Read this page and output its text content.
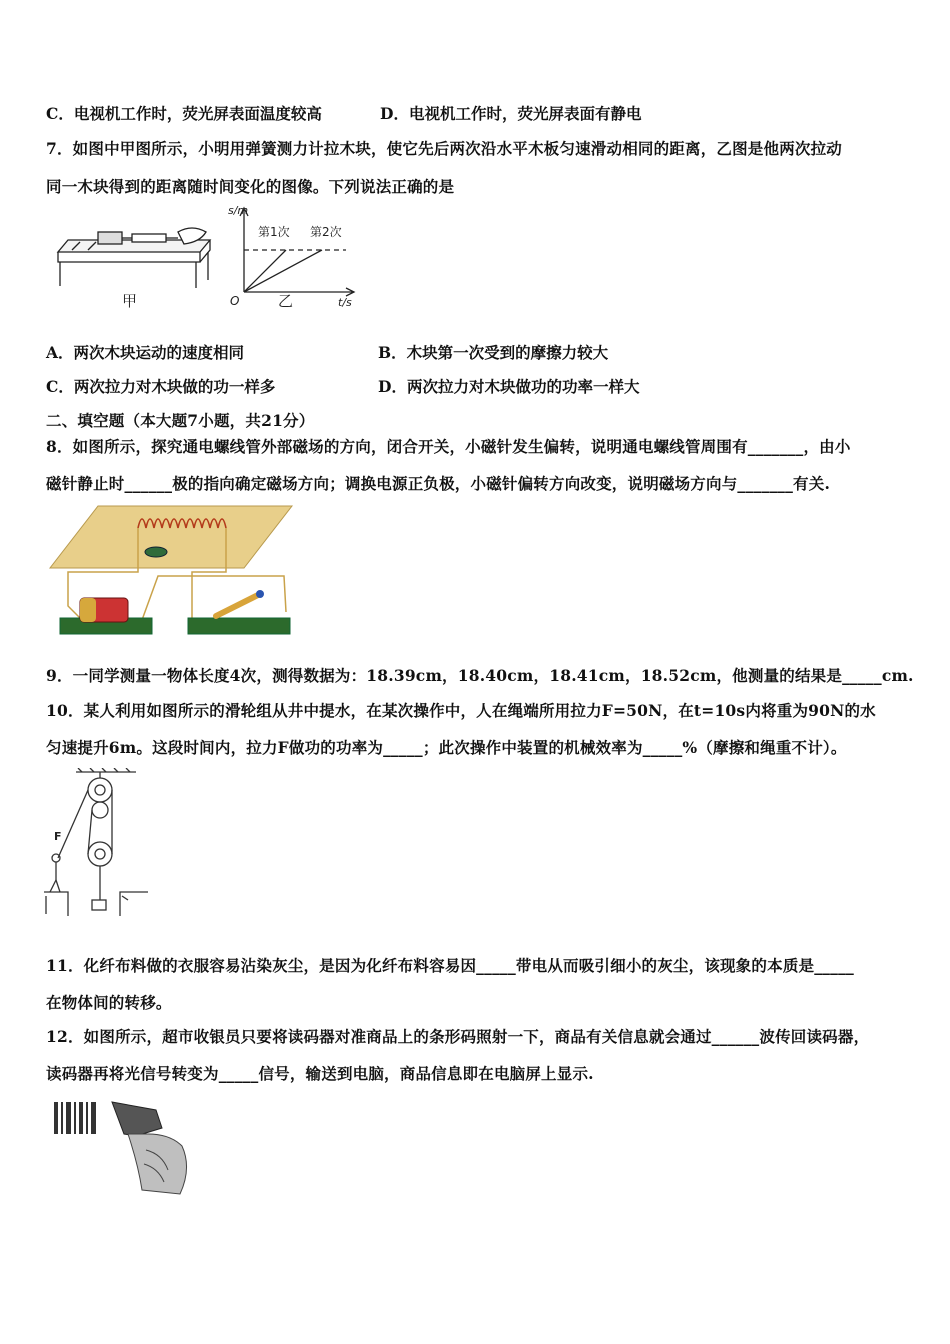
C．电视机工作时，荧光屏表面温度较高	D．电视机工作时，荧光屏表面有静电
7．如图中甲图所示，小明用弹簧测力计拉木块，使它先后两次沿水平木板匀速滑动相同的距离，乙图是他两次拉动
同一木块得到的距离随时间变化的图像。下列说法正确的是
甲
s/m
t/s
O
第1次 第2次
乙
A．两次木块运动的速度相同	B．木块第一次受到的摩擦力较大
C．两次拉力对木块做的功一样多	D．两次拉力对木块做功的功率一样大
二、填空题（本大题7小题，共21分）
8．如图所示，探究通电螺线管外部磁场的方向，闭合开关，小磁针发生偏转，说明通电螺线管周围有_______，由小
磁针静止时______极的指向确定磁场方向；调换电源正负极，小磁针偏转方向改变，说明磁场方向与_______有关.
9．一同学测量一物体长度4次，测得数据为：18.39cm，18.40cm，18.41cm，18.52cm，他测量的结果是_____cm.
10．某人利用如图所示的滑轮组从井中提水，在某次操作中，人在绳端所用拉力F=50N，在t=10s内将重为90N的水
匀速提升6m。这段时间内，拉力F做功的功率为_____；此次操作中装置的机械效率为_____%（摩擦和绳重不计）。
F
11．化纤布料做的衣服容易沾染灰尘，是因为化纤布料容易因_____带电从而吸引细小的灰尘，该现象的本质是_____
在物体间的转移。
12．如图所示，超市收银员只要将读码器对准商品上的条形码照射一下，商品有关信息就会通过______波传回读码器，
读码器再将光信号转变为_____信号，输送到电脑，商品信息即在电脑屏上显示.
